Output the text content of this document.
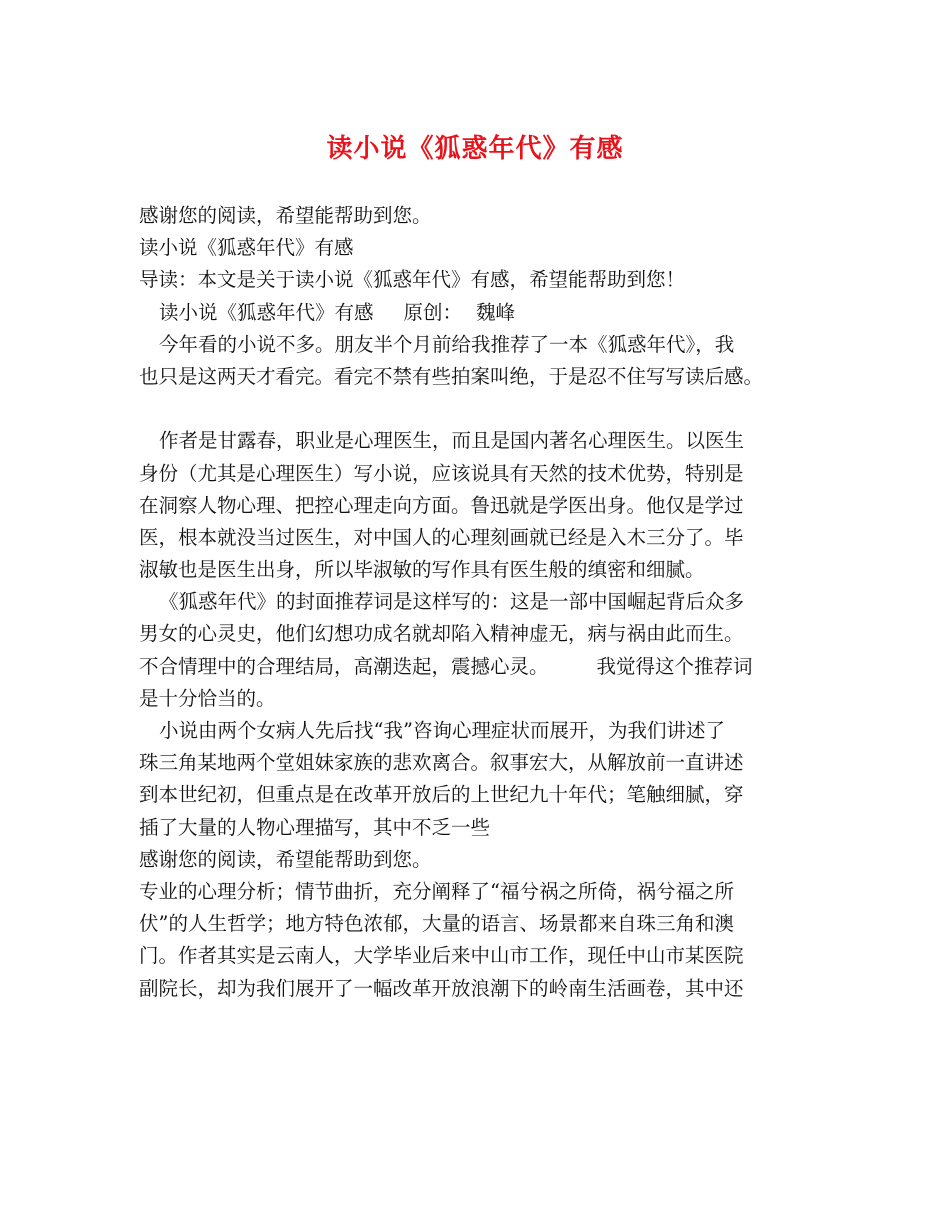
读小说《狐惑年代》有感
感谢您的阅读，希望能帮助到您。
读小说《狐惑年代》有感
导读：本文是关于读小说《狐惑年代》有感，希望能帮助到您！
读小说《狐惑年代》有感 原创： 魏峰
今年看的小说不多。朋友半个月前给我推荐了一本《狐惑年代》，我
也只是这两天才看完。看完不禁有些拍案叫绝，于是忍不住写写读后感。
作者是甘露春，职业是心理医生，而且是国内著名心理医生。以医生
身份（尤其是心理医生）写小说，应该说具有天然的技术优势，特别是
在洞察人物心理、把控心理走向方面。鲁迅就是学医出身。他仅是学过
医，根本就没当过医生，对中国人的心理刻画就已经是入木三分了。毕
淑敏也是医生出身，所以毕淑敏的写作具有医生般的缜密和细腻。
《狐惑年代》的封面推荐词是这样写的：这是一部中国崛起背后众多
男女的心灵史，他们幻想功成名就却陷入精神虚无，病与祸由此而生。
不合情理中的合理结局，高潮迭起，震撼心灵。 我觉得这个推荐词
是十分恰当的。
小说由两个女病人先后找“我”咨询心理症状而展开，为我们讲述了
珠三角某地两个堂姐妹家族的悲欢离合。叙事宏大，从解放前一直讲述
到本世纪初，但重点是在改革开放后的上世纪九十年代；笔触细腻，穿
插了大量的人物心理描写，其中不乏一些
感谢您的阅读，希望能帮助到您。
专业的心理分析；情节曲折，充分阐释了“福兮祸之所倚，祸兮福之所
伏”的人生哲学；地方特色浓郁，大量的语言、场景都来自珠三角和澳
门。作者其实是云南人，大学毕业后来中山市工作，现任中山市某医院
副院长，却为我们展开了一幅改革开放浪潮下的岭南生活画卷，其中还
